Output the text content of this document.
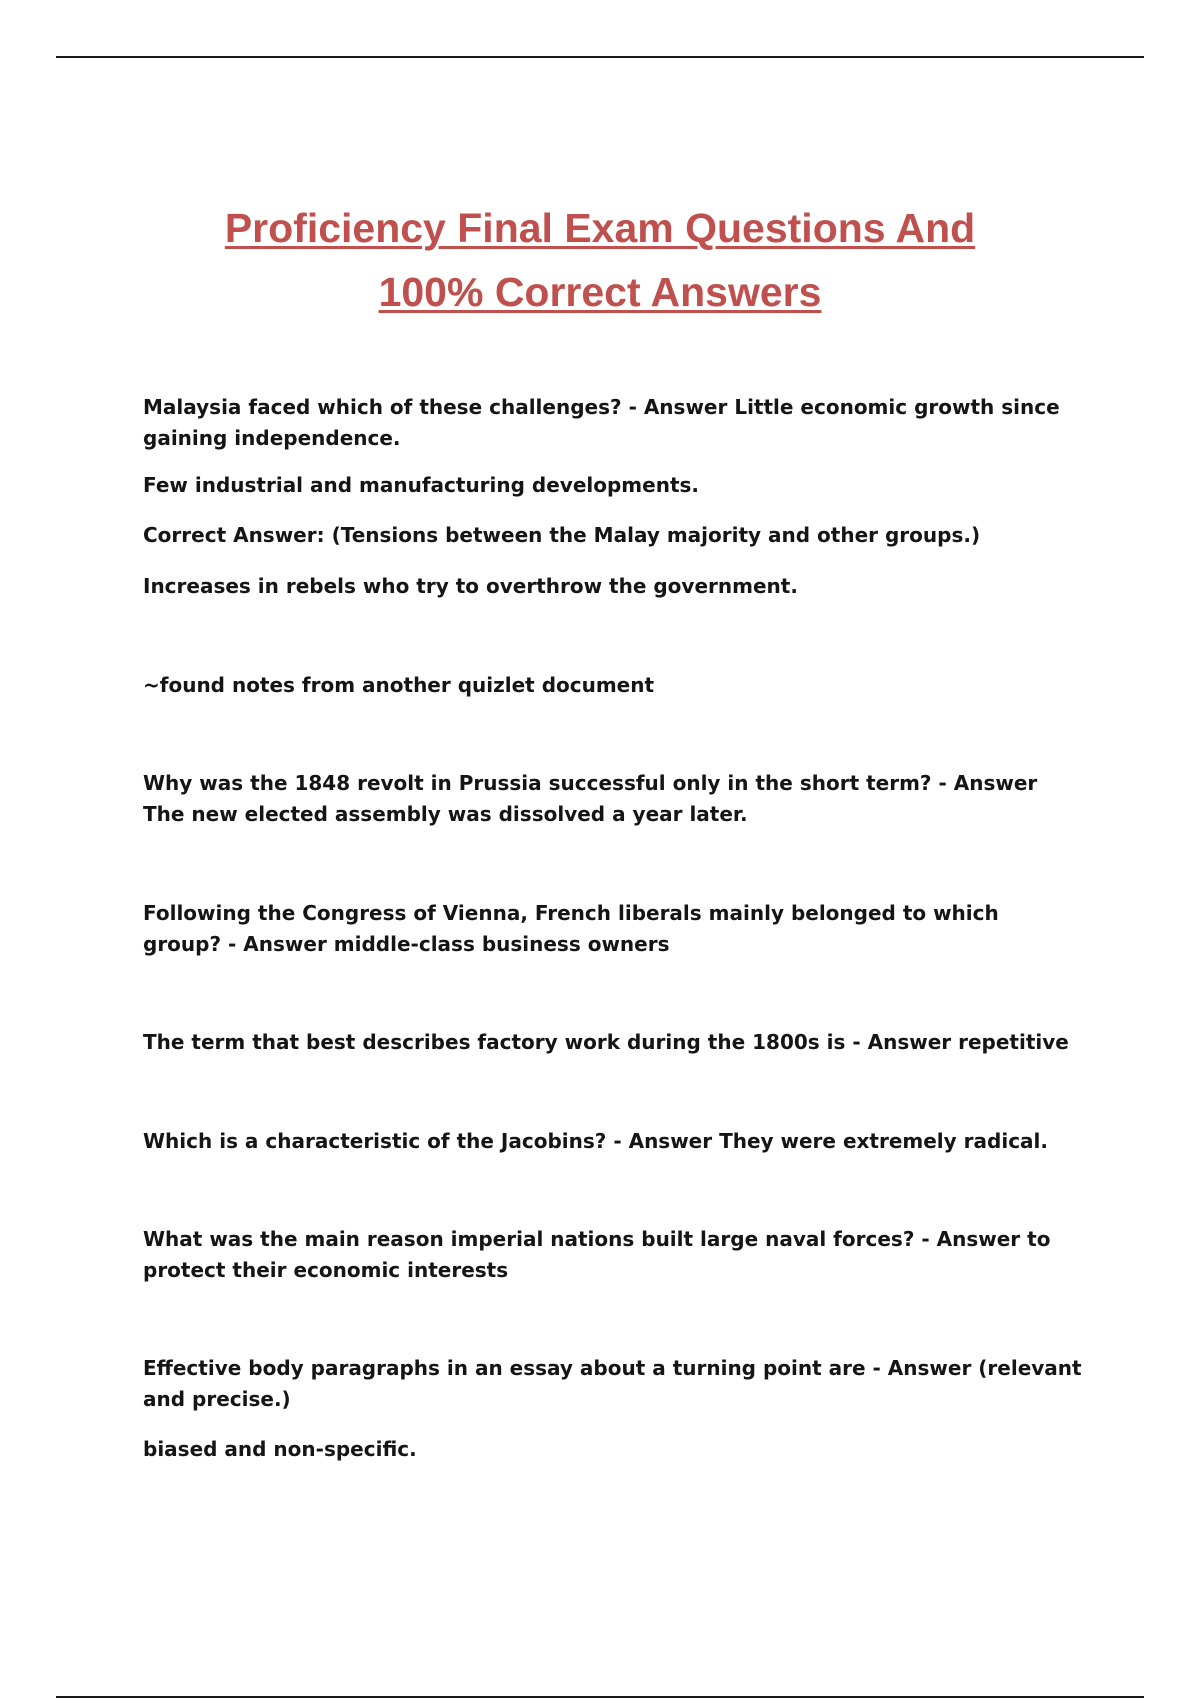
Proficiency Final Exam Questions And
100% Correct Answers

Malaysia faced which of these challenges? - Answer Little economic growth since gaining independence.

Few industrial and manufacturing developments.

Correct Answer: (Tensions between the Malay majority and other groups.)

Increases in rebels who try to overthrow the government.

~found notes from another quizlet document

Why was the 1848 revolt in Prussia successful only in the short term? - Answer The new elected assembly was dissolved a year later.

Following the Congress of Vienna, French liberals mainly belonged to which group? - Answer middle-class business owners

The term that best describes factory work during the 1800s is - Answer repetitive

Which is a characteristic of the Jacobins? - Answer They were extremely radical.

What was the main reason imperial nations built large naval forces? - Answer to protect their economic interests

Effective body paragraphs in an essay about a turning point are - Answer (relevant and precise.)

biased and non-specific.
